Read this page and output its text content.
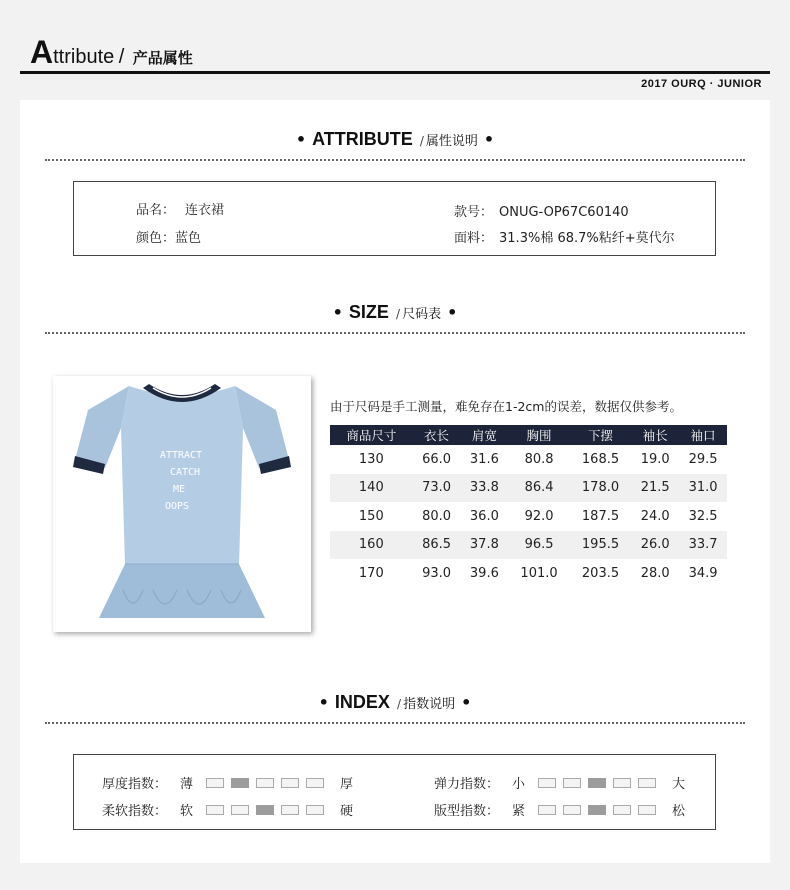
Attribute / 产品属性
2017 OURQ · JUNIOR
• ATTRIBUTE / 属性说明 •
品名： 连衣裙
颜色：蓝色
款号： ONUG-OP67C60140
面料： 31.3%棉 68.7%粘纤+莫代尔
• SIZE / 尺码表 •
ATTRACT
CATCH
ME
OOPS
由于尺码是手工测量，难免存在1-2cm的误差，数据仅供参考。
商品尺寸	衣长	肩宽	胸围	下摆	袖长	袖口
130	66.0	31.6	80.8	168.5	19.0	29.5
140	73.0	33.8	86.4	178.0	21.5	31.0
150	80.0	36.0	92.0	187.5	24.0	32.5
160	86.5	37.8	96.5	195.5	26.0	33.7
170	93.0	39.6	101.0	203.5	28.0	34.9
• INDEX / 指数说明 •
厚度指数： 薄	厚
柔软指数： 软	硬
弹力指数： 小	大
版型指数： 紧	松
